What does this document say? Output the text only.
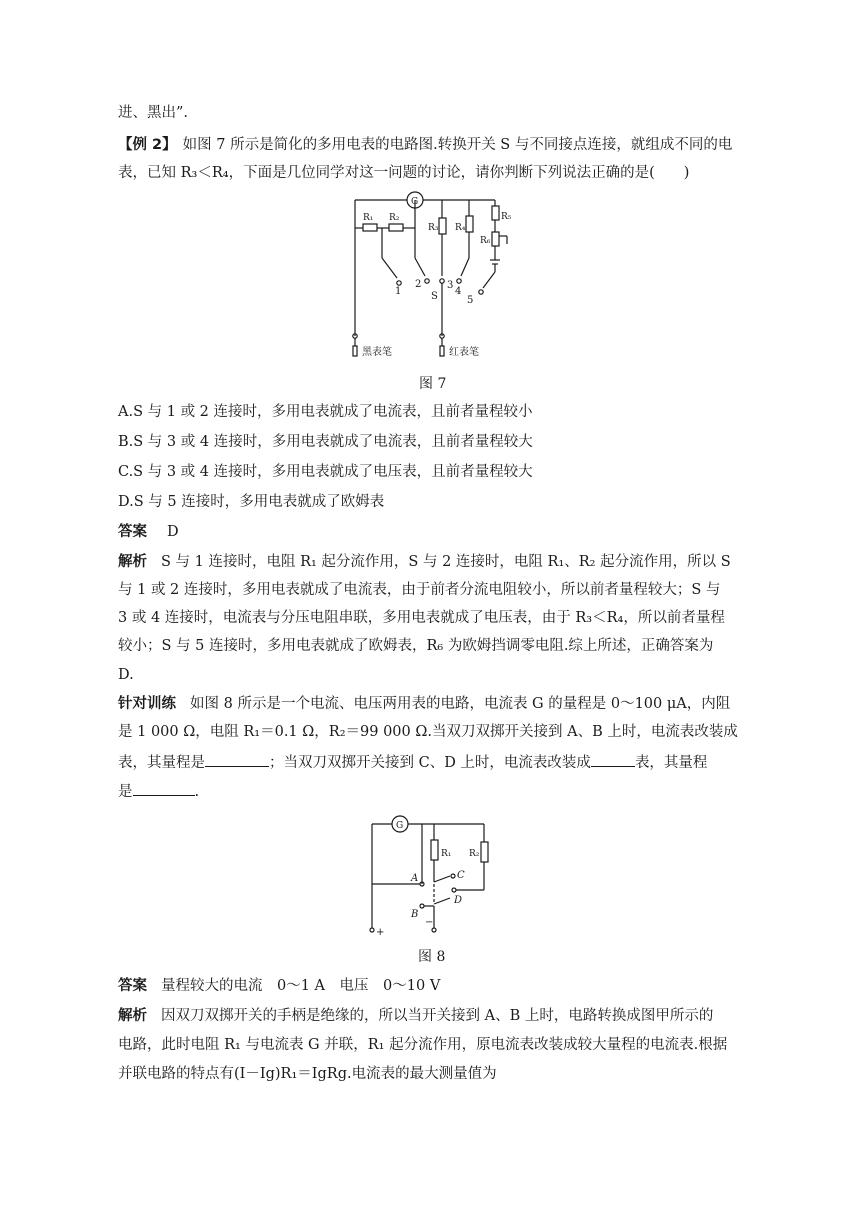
进、黑出”.
【例 2】 如图 7 所示是简化的多用电表的电路图.转换开关 S 与不同接点连接，就组成不同的电
表，已知 R₃＜R₄，下面是几位同学对这一问题的讨论，请你判断下列说法正确的是(　　)
G
R₁ R₂
R₃ R₄
R₅
R₆
1
2	3
4
5
S
黑表笔	红表笔
图 7
A.S 与 1 或 2 连接时，多用电表就成了电流表，且前者量程较小
B.S 与 3 或 4 连接时，多用电表就成了电流表，且前者量程较大
C.S 与 3 或 4 连接时，多用电表就成了电压表，且前者量程较大
D.S 与 5 连接时，多用电表就成了欧姆表
答案 D
解析 S 与 1 连接时，电阻 R₁ 起分流作用，S 与 2 连接时，电阻 R₁、R₂ 起分流作用，所以 S
与 1 或 2 连接时，多用电表就成了电流表，由于前者分流电阻较小，所以前者量程较大；S 与
3 或 4 连接时，电流表与分压电阻串联，多用电表就成了电压表，由于 R₃＜R₄，所以前者量程
较小；S 与 5 连接时，多用电表就成了欧姆表，R₆ 为欧姆挡调零电阻.综上所述，正确答案为
D.
针对训练 如图 8 所示是一个电流、电压两用表的电路，电流表 G 的量程是 0～100 μA，内阻
是 1 000 Ω，电阻 R₁＝0.1 Ω，R₂＝99 000 Ω.当双刀双掷开关接到 A、B 上时，电流表改装成
表，其量程是	；当双刀双掷开关接到 C、D 上时，电流表改装成	表，其量程
是	.
G
R₁ R₂
A
B
C
D
+
−
图 8
答案 量程较大的电流　0～1 A　电压　0～10 V
解析 因双刀双掷开关的手柄是绝缘的，所以当开关接到 A、B 上时，电路转换成图甲所示的
电路，此时电阻 R₁ 与电流表 G 并联，R₁ 起分流作用，原电流表改装成较大量程的电流表.根据
并联电路的特点有(I－Ig)R₁＝IgRg.电流表的最大测量值为
